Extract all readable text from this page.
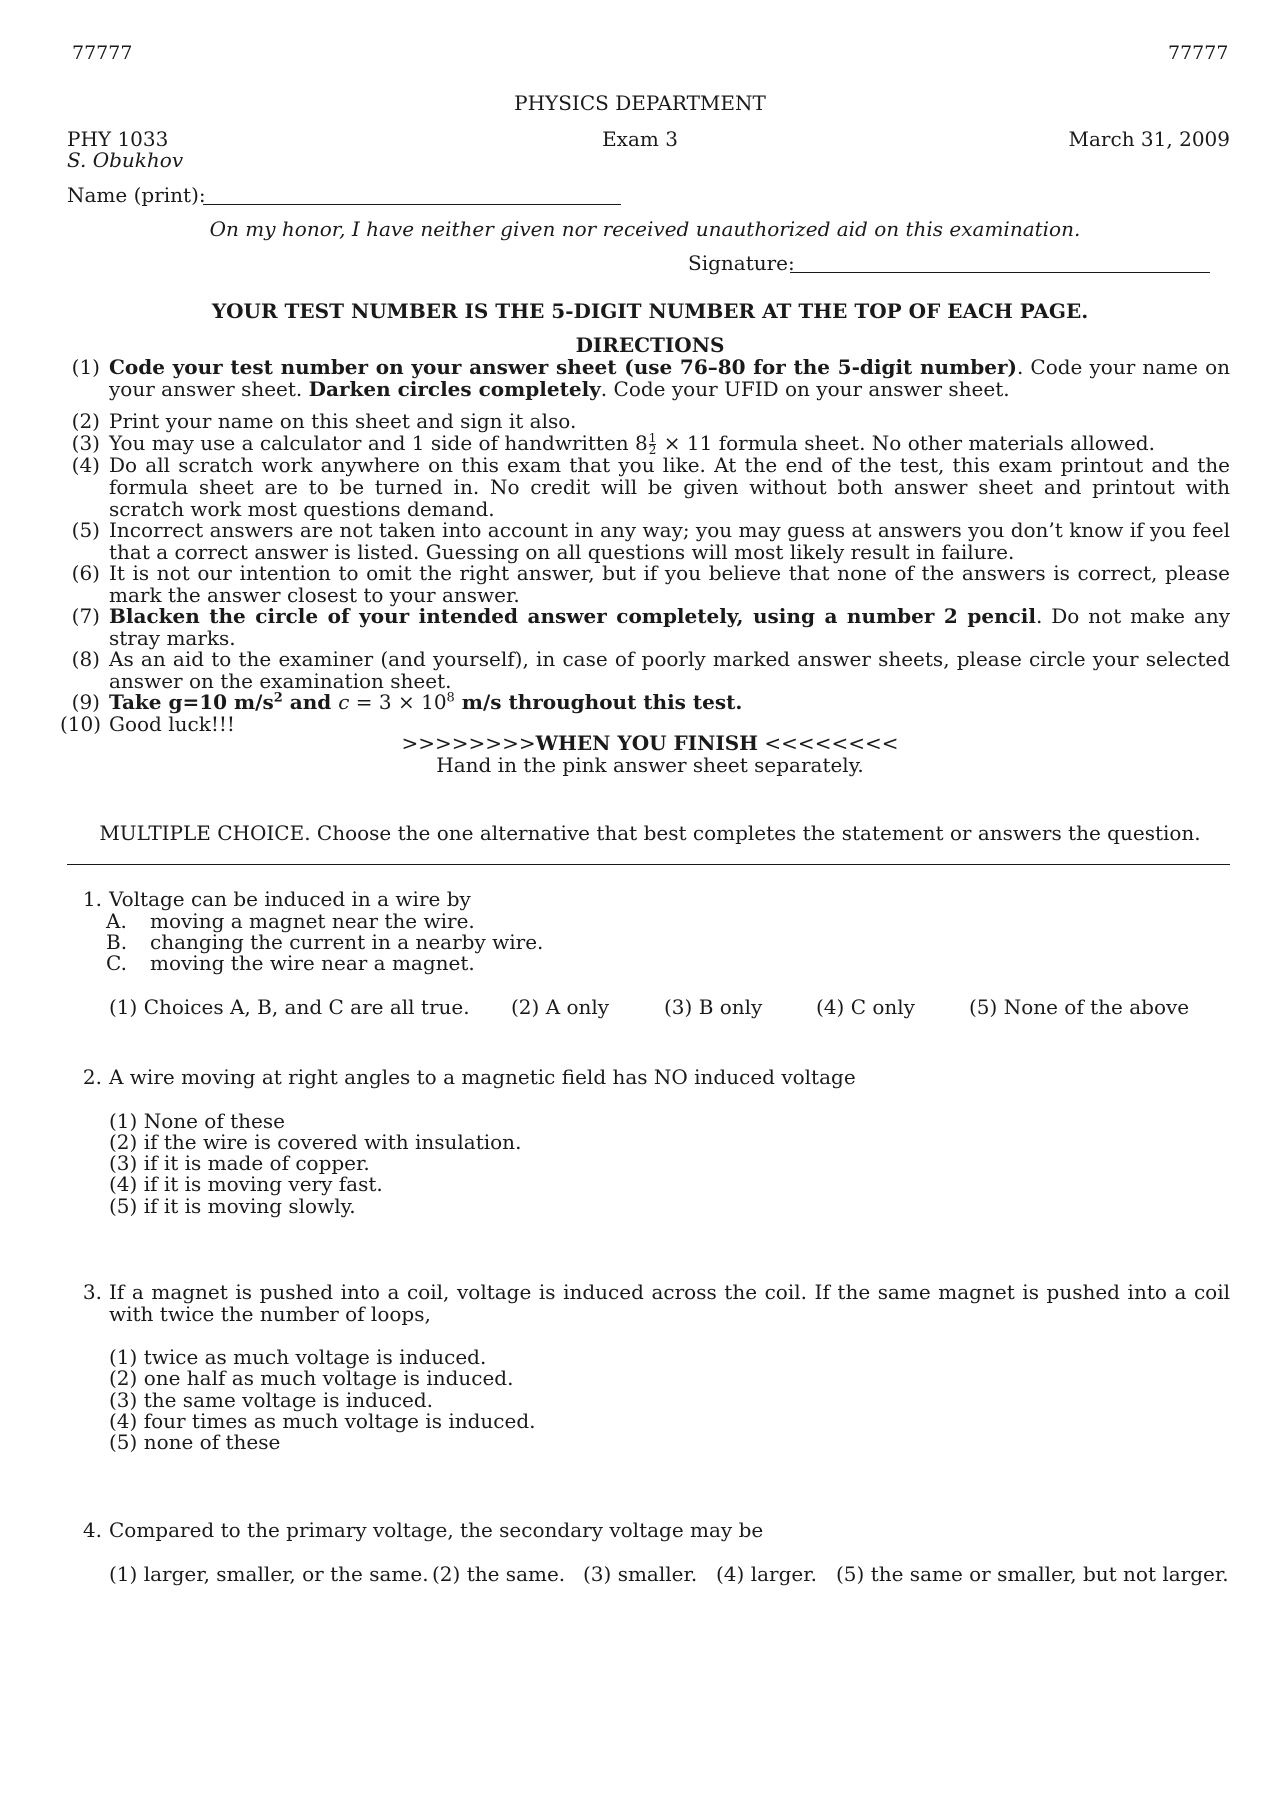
77777	77777
PHYSICS DEPARTMENT
PHY 1033
S. Obukhov
Exam 3	March 31, 2009
Name (print):
On my honor, I have neither given nor received unauthorized aid on this examination.
Signature:
YOUR TEST NUMBER IS THE 5-DIGIT NUMBER AT THE TOP OF EACH PAGE.
DIRECTIONS
(1) Code your test number on your answer sheet (use 76–80 for the 5-digit number). Code your name on your answer sheet. Darken circles completely. Code your UFID on your answer sheet.
(2) Print your name on this sheet and sign it also.
(3) You may use a calculator and 1 side of handwritten $8 \frac{1}{2} \times 11$ formula sheet. No other materials allowed.
(4) Do all scratch work anywhere on this exam that you like. At the end of the test, this exam printout and the formula sheet are to be turned in. No credit will be given without both answer sheet and printout with scratch work most questions demand.
(5) Incorrect answers are not taken into account in any way; you may guess at answers you don’t know if you feel that a correct answer is listed. Guessing on all questions will most likely result in failure.
(6) It is not our intention to omit the right answer, but if you believe that none of the answers is correct, please mark the answer closest to your answer.
(7) Blacken the circle of your intended answer completely, using a number 2 pencil. Do not make any stray marks.
(8) As an aid to the examiner (and yourself), in case of poorly marked answer sheets, please circle your selected answer on the examination sheet.
(9) Take g=10 $m/s^2$ and $c = 3 \times 10^8$ m/s throughout this test.
(10) Good luck!!!
>>>>>>>>WHEN YOU FINISH <<<<<<<<
Hand in the pink answer sheet separately.
MULTIPLE CHOICE. Choose the one alternative that best completes the statement or answers the question.
1. Voltage can be induced in a wire by
A. moving a magnet near the wire.
B. changing the current in a nearby wire.
C. moving the wire near a magnet.
(1) Choices A, B, and C are all true. (2) A only	(3) B only	(4) C only	(5) None of the above
2. A wire moving at right angles to a magnetic field has NO induced voltage
(1) None of these
(2) if the wire is covered with insulation.
(3) if it is made of copper.
(4) if it is moving very fast.
(5) if it is moving slowly.
3. If a magnet is pushed into a coil, voltage is induced across the coil. If the same magnet is pushed into a coil with twice the number of loops,
(1) twice as much voltage is induced.
(2) one half as much voltage is induced.
(3) the same voltage is induced.
(4) four times as much voltage is induced.
(5) none of these
4. Compared to the primary voltage, the secondary voltage may be
(1) larger, smaller, or the same. (2) the same. (3) smaller. (4) larger. (5) the same or smaller, but not larger.
